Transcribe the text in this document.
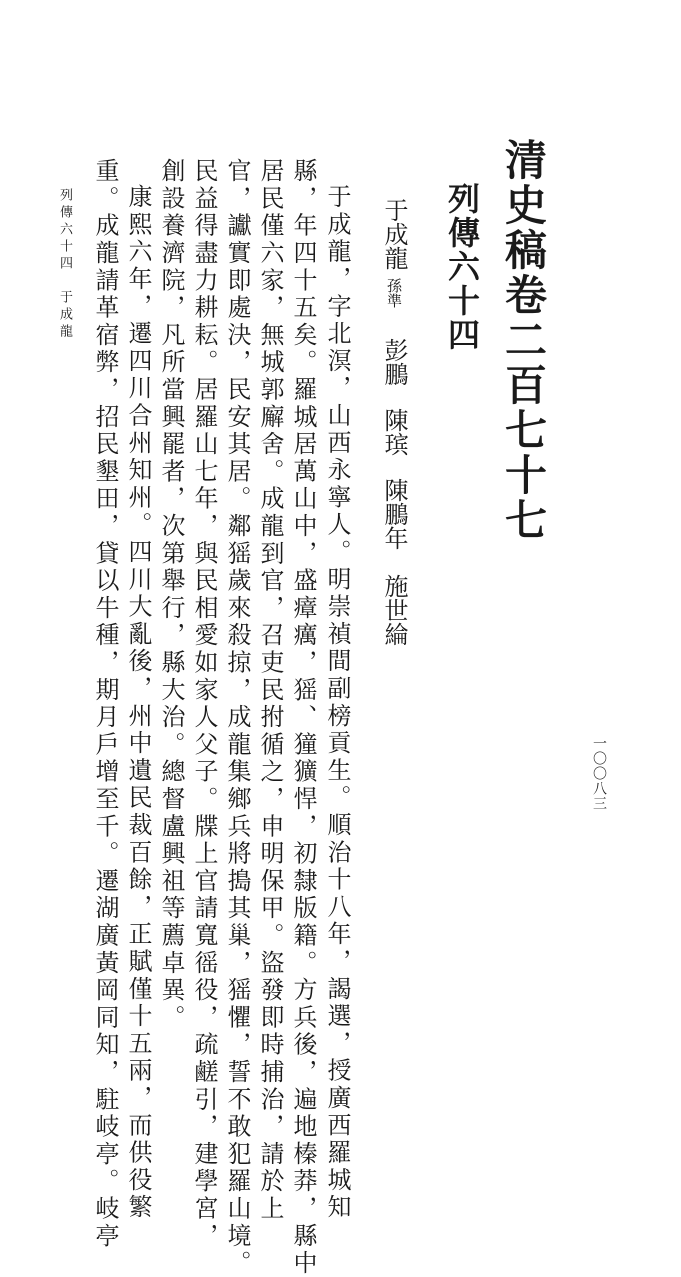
清史稿卷二百七十七
列傳六十四
于成龍孫準
彭鵬
陳瑸
陳鵬年
施世綸
于成龍，字北溟，山西永寧人。明崇禎間副榜貢生。順治十八年，謁選，授廣西羅城知
縣，年四十五矣。羅城居萬山中，盛瘴癘，猺、獞獷悍，初隸版籍。方兵後，遍地榛莽，縣中
居民僅六家，無城郭廨舍。成龍到官，召吏民拊循之，申明保甲。盜發即時捕治，請於上
官，讞實即處決，民安其居。鄰猺歲來殺掠，成龍集鄉兵將搗其巢，猺懼，誓不敢犯羅山境。
民益得盡力耕耘。居羅山七年，與民相愛如家人父子。牒上官請寬徭役，疏鹺引，建學宮，
創設養濟院，凡所當興罷者，次第舉行，縣大治。總督盧興祖等薦卓異。
康熙六年，遷四川合州知州。四川大亂後，州中遺民裁百餘，正賦僅十五兩，而供役繁
重。成龍請革宿弊，招民墾田，貸以牛種，期月戶增至千。遷湖廣黃岡同知，駐岐亭。岐亭
列傳六十四　于成龍
一〇〇八三
